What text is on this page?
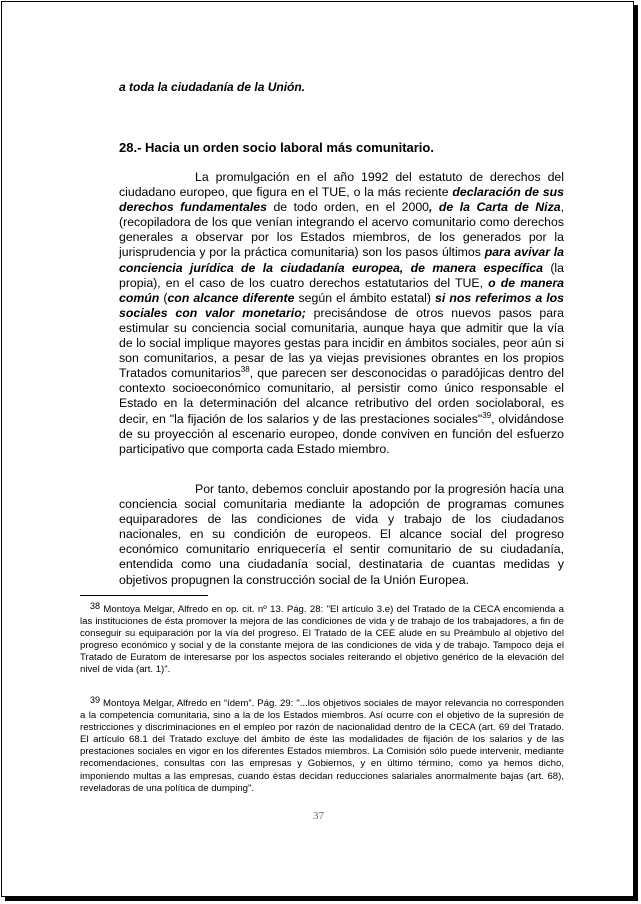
a toda la ciudadanía de la Unión.
28.- Hacia un orden socio laboral más comunitario.

La promulgación en el año 1992 del estatuto de derechos del ciudadano europeo, que figura en el TUE, o la más reciente declaración de sus derechos fundamentales de todo orden, en el 2000, de la Carta de Niza, (recopiladora de los que venían integrando el acervo comunitario como derechos generales a observar por los Estados miembros, de los generados por la jurisprudencia y por la práctica comunitaria) son los pasos últimos para avivar la conciencia jurídica de la ciudadanía europea, de manera específica (la propia), en el caso de los cuatro derechos estatutarios del TUE, o de manera común (con alcance diferente según el ámbito estatal) si nos referimos a los sociales con valor monetario; precisándose de otros nuevos pasos para estimular su conciencia social comunitaria, aunque haya que admitir que la vía de lo social implique mayores gestas para incidir en ámbitos sociales, peor aún si son comunitarios, a pesar de las ya viejas previsiones obrantes en los propios Tratados comunitarios$^{38}$, que parecen ser desconocidas o paradójicas dentro del contexto socioeconómico comunitario, al persistir como único responsable el Estado en la determinación del alcance retributivo del orden sociolaboral, es decir, en "la fijación de los salarios y de las prestaciones sociales"$^{39}$, olvidándose de su proyección al escenario europeo, donde conviven en función del esfuerzo participativo que comporta cada Estado miembro.

Por tanto, debemos concluir apostando por la progresión hacía una conciencia social comunitaria mediante la adopción de programas comunes equiparadores de las condiciones de vida y trabajo de los ciudadanos nacionales, en su condición de europeos. El alcance social del progreso económico comunitario enriquecería el sentir comunitario de su ciudadanía, entendida como una ciudadanía social, destinataria de cuantas medidas y objetivos propugnen la construcción social de la Unión Europea.

38 Montoya Melgar, Alfredo en op. cit. nº 13. Pág. 28: "El artículo 3.e) del Tratado de la CECA encomienda a las instituciones de ésta promover la mejora de las condiciones de vida y de trabajo de los trabajadores, a fin de conseguir su equiparación por la vía del progreso. El Tratado de la CEE alude en su Preámbulo al objetivo del progreso económico y social y de la constante mejora de las condiciones de vida y de trabajo. Tampoco deja el Tratado de Euratom de interesarse por los aspectos sociales reiterando el objetivo genérico de la elevación del nivel de vida (art. 1)".

39 Montoya Melgar, Alfredo en “ídem”. Pág. 29: "...los objetivos sociales de mayor relevancia no corresponden a la competencia comunitaria, sino a la de los Estados miembros. Así ocurre con el objetivo de la supresión de restricciones y discriminaciones en el empleo por razón de nacionalidad dentro de la CECA (art. 69 del Tratado. El artículo 68.1 del Tratado excluye del ámbito de éste las modalidades de fijación de los salarios y de las prestaciones sociales en vigor en los diferentes Estados miembros. La Comisión sólo puede intervenir, mediante recomendaciones, consultas con las empresas y Gobiernos, y en último término, como ya hemos dicho, imponiendo multas a las empresas, cuando éstas decidan reducciones salariales anormalmente bajas (art. 68), reveladoras de una política de dumping".

37
